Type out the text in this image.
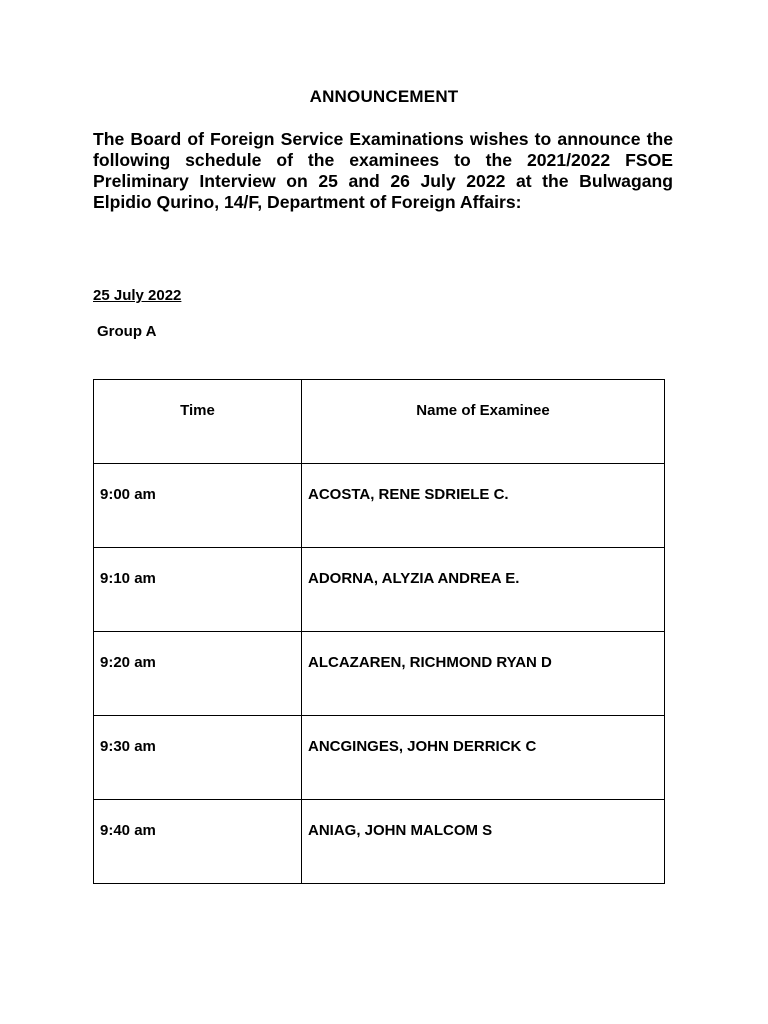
ANNOUNCEMENT

The Board of Foreign Service Examinations wishes to announce the following schedule of the examinees to the 2021/2022 FSOE Preliminary Interview on 25 and 26 July 2022 at the Bulwagang Elpidio Qurino, 14/F, Department of Foreign Affairs:

25 July 2022
Group A
Time	Name of Examinee

9:00 am	ACOSTA, RENE SDRIELE C.

9:10 am	ADORNA, ALYZIA ANDREA E.

9:20 am	ALCAZAREN, RICHMOND RYAN D

9:30 am	ANCGINGES, JOHN DERRICK C

9:40 am	ANIAG, JOHN MALCOM S
